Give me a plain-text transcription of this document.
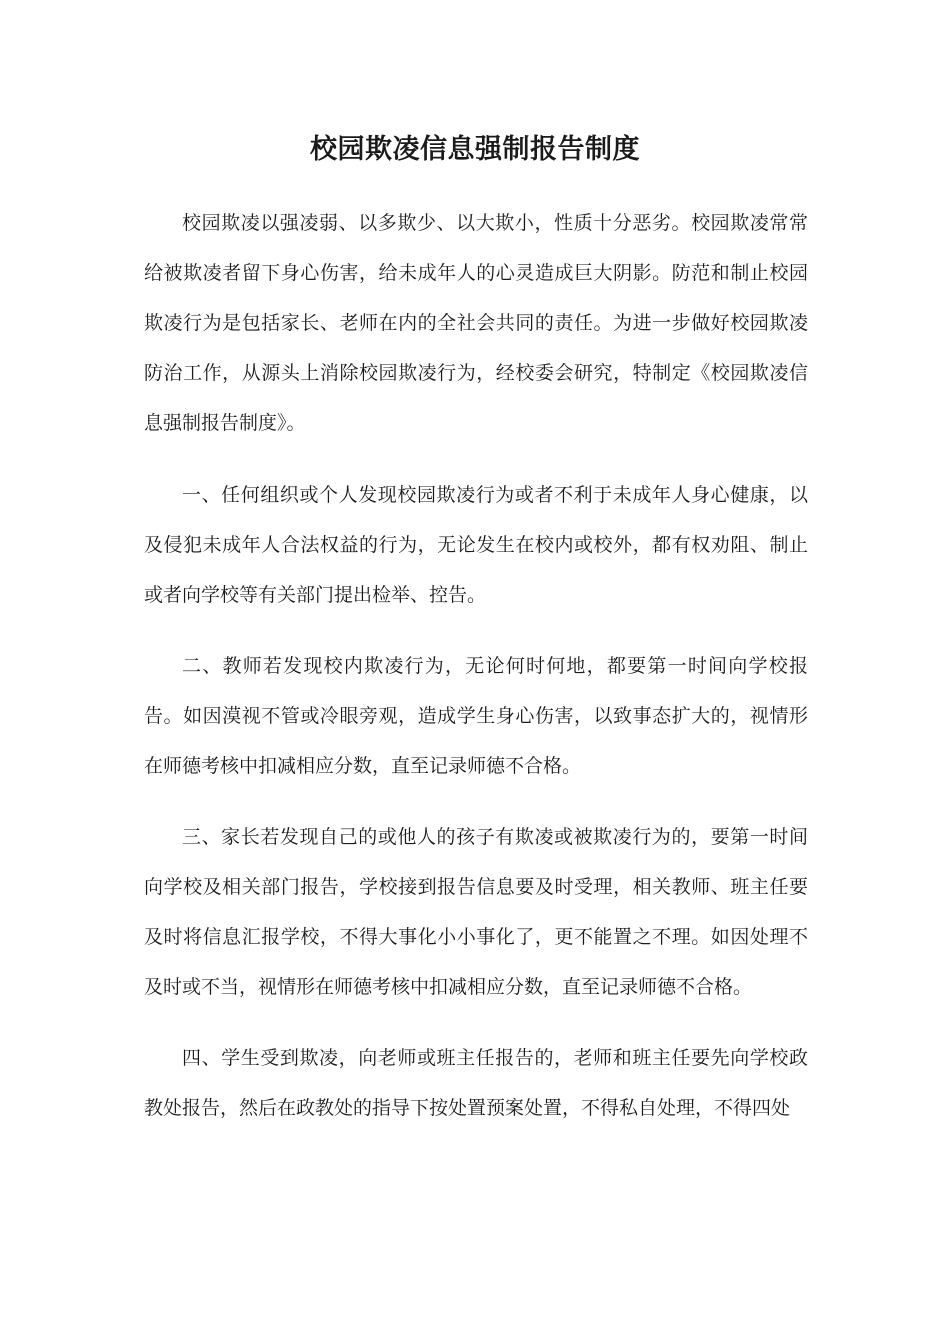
校园欺凌信息强制报告制度

校园欺凌以强凌弱、以多欺少、以大欺小，性质十分恶劣。校园欺凌常常给被欺凌者留下身心伤害，给未成年人的心灵造成巨大阴影。防范和制止校园欺凌行为是包括家长、老师在内的全社会共同的责任。为进一步做好校园欺凌防治工作，从源头上消除校园欺凌行为，经校委会研究，特制定《校园欺凌信息强制报告制度》。

一、任何组织或个人发现校园欺凌行为或者不利于未成年人身心健康，以及侵犯未成年人合法权益的行为，无论发生在校内或校外，都有权劝阻、制止或者向学校等有关部门提出检举、控告。

二、教师若发现校内欺凌行为，无论何时何地，都要第一时间向学校报告。如因漠视不管或冷眼旁观，造成学生身心伤害，以致事态扩大的，视情形在师德考核中扣减相应分数，直至记录师德不合格。

三、家长若发现自己的或他人的孩子有欺凌或被欺凌行为的，要第一时间向学校及相关部门报告，学校接到报告信息要及时受理，相关教师、班主任要及时将信息汇报学校，不得大事化小小事化了，更不能置之不理。如因处理不及时或不当，视情形在师德考核中扣减相应分数，直至记录师德不合格。

四、学生受到欺凌，向老师或班主任报告的，老师和班主任要先向学校政教处报告，然后在政教处的指导下按处置预案处置，不得私自处理，不得四处
